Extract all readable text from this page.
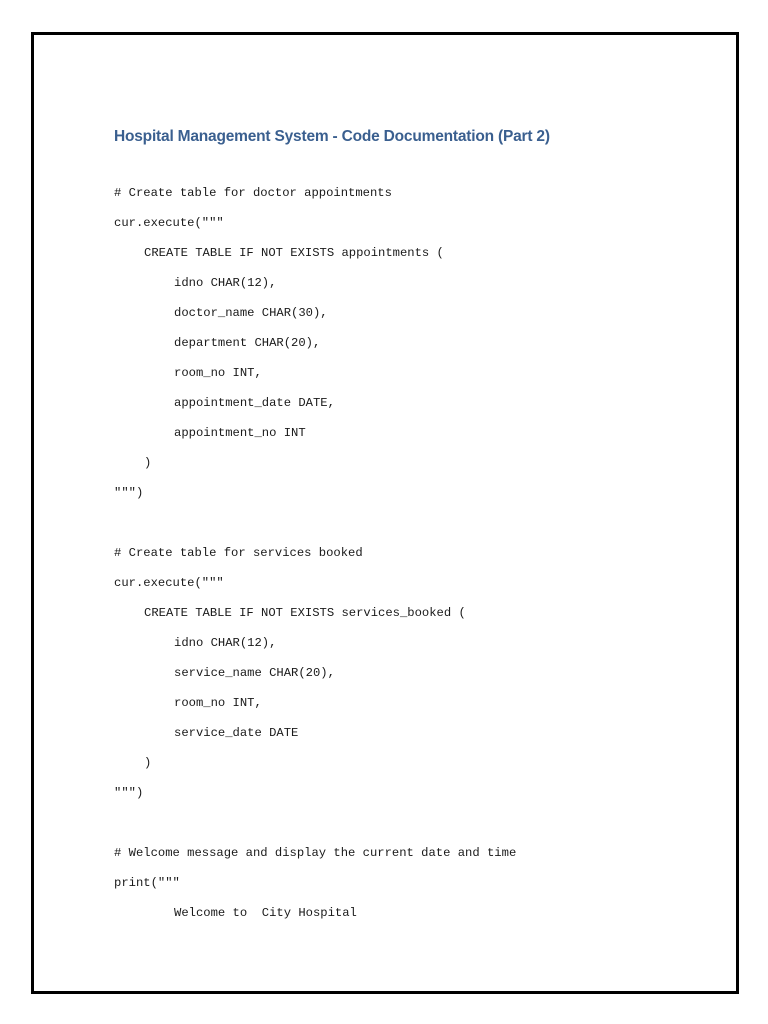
Hospital Management System - Code Documentation (Part 2)
# Create table for doctor appointments
cur.execute("""
CREATE TABLE IF NOT EXISTS appointments (
idno CHAR(12),
doctor_name CHAR(30),
department CHAR(20),
room_no INT,
appointment_date DATE,
appointment_no INT
)
""")
# Create table for services booked
cur.execute("""
CREATE TABLE IF NOT EXISTS services_booked (
idno CHAR(12),
service_name CHAR(20),
room_no INT,
service_date DATE
)
""")
# Welcome message and display the current date and time
print("""
Welcome to  City Hospital
